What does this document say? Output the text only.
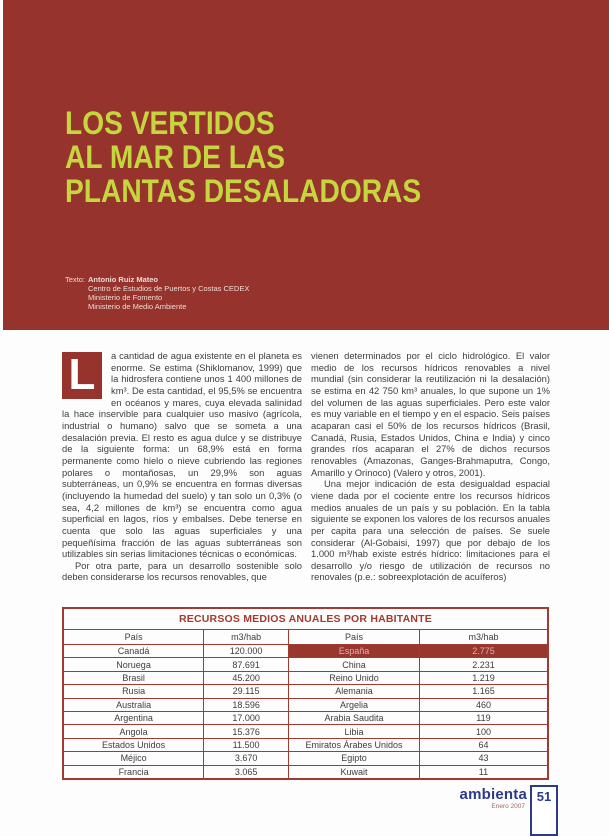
LOS VERTIDOS
AL MAR DE LAS
PLANTAS DESALADORAS
Texto: Antonio Ruiz Mateo
Centro de Estudios de Puertos y Costas CEDEX
Ministerio de Fomento
Ministerio de Medio Ambiente
L	a cantidad de agua existente en el planeta es enorme. Se estima (Shiklomanov, 1999) que la hidrosfera contiene unos 1 400 millones de km³. De esta cantidad, el 95,5% se encuentra en océanos y mares, cuya elevada salinidad la hace inservible para cualquier uso masivo (agrícola, industrial o humano) salvo que se someta a una desalación previa. El resto es agua dulce y se distribuye de la siguiente forma: un 68,9% está en forma permanente como hielo o nieve cubriendo las regiones polares o montañosas, un 29,9% son aguas subterráneas, un 0,9% se encuentra en formas diversas (incluyendo la humedad del suelo) y tan solo un 0,3% (o sea, 4,2 millones de km³) se encuentra como agua superficial en lagos, ríos y embalses. Debe tenerse en cuenta que solo las aguas superficiales y una pequeñísima fracción de las aguas subterráneas son utilizables sin serias limitaciones técnicas o económicas.

Por otra parte, para un desarrollo sostenible solo deben considerarse los recursos renovables, que

vienen determinados por el ciclo hidrológico. El valor medio de los recursos hídricos renovables a nivel mundial (sin considerar la reutilización ni la desalación) se estima en 42 750 km³ anuales, lo que supone un 1% del volumen de las aguas superficiales. Pero este valor es muy variable en el tiempo y en el espacio. Seis países acaparan casi el 50% de los recursos hídricos (Brasil, Canadá, Rusia, Estados Unidos, China e India) y cinco grandes ríos acaparan el 27% de dichos recursos renovables (Amazonas, Ganges-Brahmaputra, Congo, Amarillo y Orinoco) (Valero y otros, 2001).

Una mejor indicación de esta desigualdad espacial viene dada por el cociente entre los recursos hídricos medios anuales de un país y su población. En la tabla siguiente se exponen los valores de los recursos anuales per capita para una selección de países. Se suele considerar (Al-Gobaisi, 1997) que por debajo de los 1.000 m³/hab existe estrés hídrico: limitaciones para el desarrollo y/o riesgo de utilización de recursos no renovales (p.e.: sobreexplotación de acuíferos)

RECURSOS MEDIOS ANUALES POR HABITANTE			
País	m3/hab	País	m3/hab
Canadá	120.000	España	2.775
Noruega	87.691	China	2.231
Brasil	45.200	Reino Unido	1.219
Rusia	29.115	Alemania	1.165
Australia	18.596	Argelia	460
Argentina	17.000	Arabia Saudita	119
Angola	15.376	Libia	100
Estados Unidos	11.500	Emiratos Árabes Unidos	64
Méjico	3.670	Egipto	43
Francia	3.065	Kuwait	11
ambienta
Enero 2007
51
